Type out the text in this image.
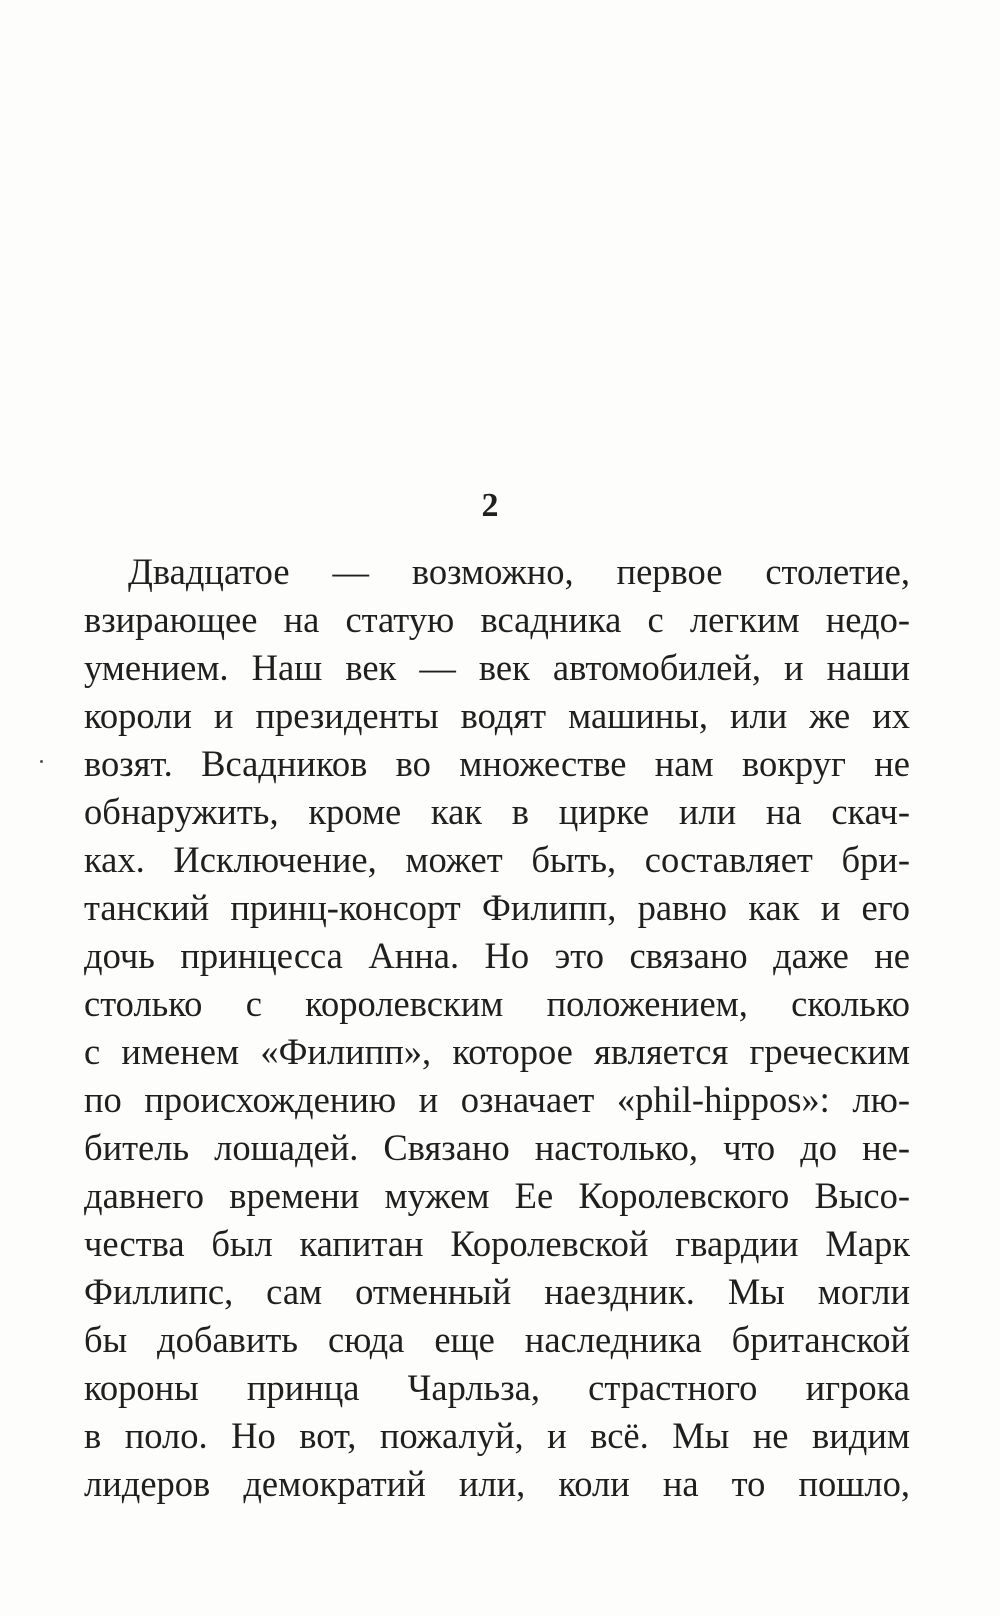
2
Двадцатое — возможно, первое столетие,
взирающее на статую всадника с легким недо-
умением. Наш век — век автомобилей, и наши
короли и президенты водят машины, или же их
возят. Всадников во множестве нам вокруг не
обнаружить, кроме как в цирке или на скач-
ках. Исключение, может быть, составляет бри-
танский принц-консорт Филипп, равно как и его
дочь принцесса Анна. Но это связано даже не
столько с королевским положением, сколько
с именем «Филипп», которое является греческим
по происхождению и означает «phil-hippos»: лю-
битель лошадей. Связано настолько, что до не-
давнего времени мужем Ее Королевского Высо-
чества был капитан Королевской гвардии Марк
Филлипс, сам отменный наездник. Мы могли
бы добавить сюда еще наследника британской
короны принца Чарльза, страстного игрока
в поло. Но вот, пожалуй, и всё. Мы не видим
лидеров демократий или, коли на то пошло,
